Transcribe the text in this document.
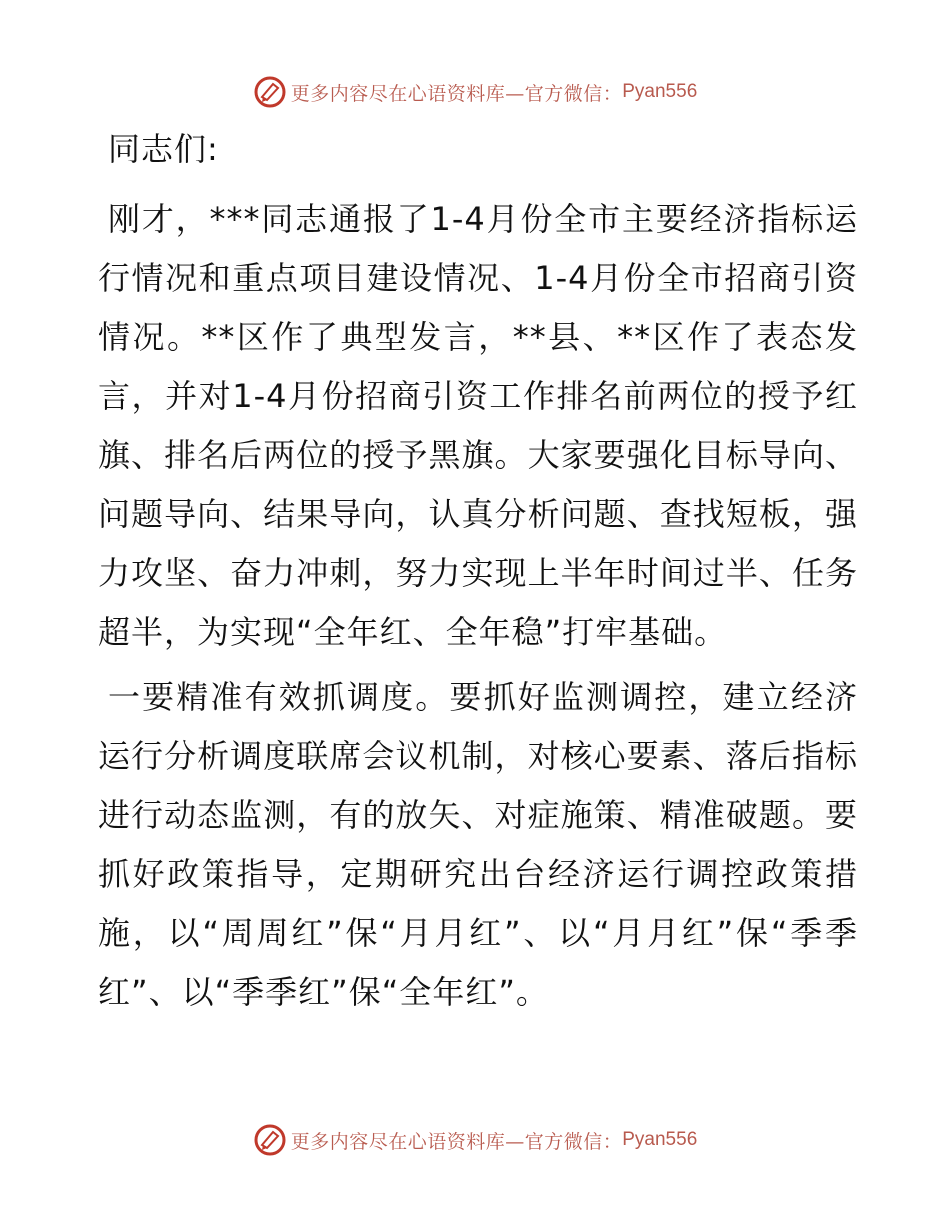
更多内容尽在心语资料库—官方微信： Pyan556

同志们:

刚才，***同志通报了1-4月份全市主要经济指标运行情况和重点项目建设情况、1-4月份全市招商引资情况。**区作了典型发言，**县、**区作了表态发言，并对1-4月份招商引资工作排名前两位的授予红旗、排名后两位的授予黑旗。大家要强化目标导向、问题导向、结果导向，认真分析问题、查找短板，强力攻坚、奋力冲刺，努力实现上半年时间过半、任务超半，为实现“全年红、全年稳”打牢基础。

一要精准有效抓调度。要抓好监测调控，建立经济运行分析调度联席会议机制，对核心要素、落后指标进行动态监测，有的放矢、对症施策、精准破题。要抓好政策指导，定期研究出台经济运行调控政策措施，以“周周红”保“月月红”、以“月月红”保“季季红”、以“季季红”保“全年红”。

更多内容尽在心语资料库—官方微信： Pyan556
